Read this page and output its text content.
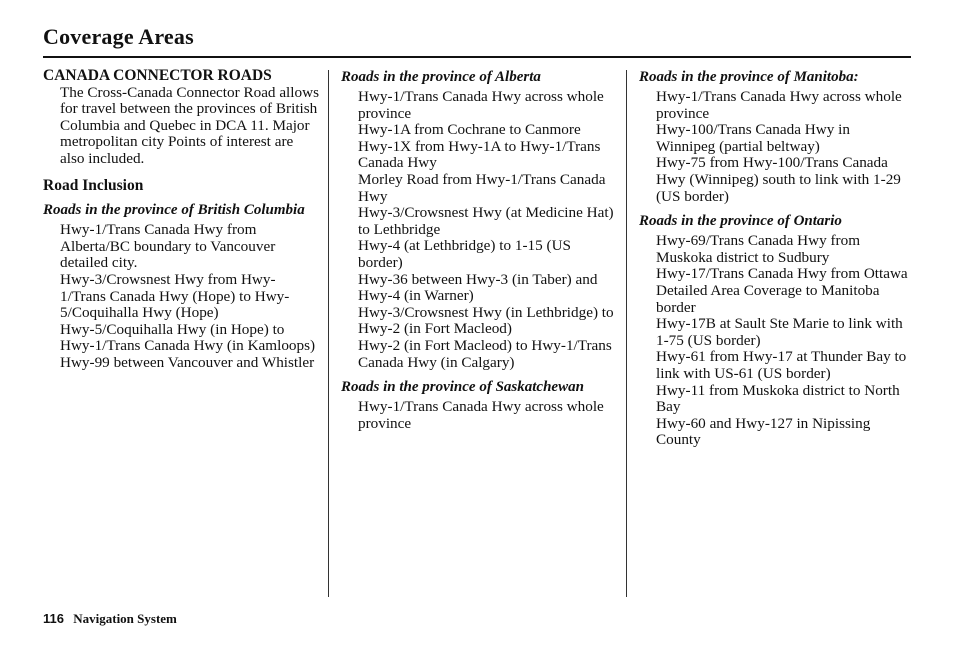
Coverage Areas

CANADA CONNECTOR ROADS

The Cross-Canada Connector Road allows for travel between the provinces of British Columbia and Quebec in DCA 11. Major metropolitan city Points of interest are also included.

Road Inclusion

Roads in the province of British Columbia

Hwy-1/Trans Canada Hwy from Alberta/BC boundary to Vancouver detailed city.

Hwy-3/Crowsnest Hwy from Hwy-1/Trans Canada Hwy (Hope) to Hwy-5/Coquihalla Hwy (Hope)

Hwy-5/Coquihalla Hwy (in Hope) to Hwy-1/Trans Canada Hwy (in Kamloops)

Hwy-99 between Vancouver and Whistler

Roads in the province of Alberta

Hwy-1/Trans Canada Hwy across whole province

Hwy-1A from Cochrane to Canmore

Hwy-1X from Hwy-1A to Hwy-1/Trans Canada Hwy

Morley Road from Hwy-1/Trans Canada Hwy

Hwy-3/Crowsnest Hwy (at Medicine Hat) to Lethbridge

Hwy-4 (at Lethbridge) to 1-15 (US border)

Hwy-36 between Hwy-3 (in Taber) and Hwy-4 (in Warner)

Hwy-3/Crowsnest Hwy (in Lethbridge) to Hwy-2 (in Fort Macleod)

Hwy-2 (in Fort Macleod) to Hwy-1/Trans Canada Hwy (in Calgary)

Roads in the province of Saskatchewan

Hwy-1/Trans Canada Hwy across whole province

Roads in the province of Manitoba:

Hwy-1/Trans Canada Hwy across whole province

Hwy-100/Trans Canada Hwy in Winnipeg (partial beltway)

Hwy-75 from Hwy-100/Trans Canada Hwy (Winnipeg) south to link with 1-29 (US border)

Roads in the province of Ontario

Hwy-69/Trans Canada Hwy from Muskoka district to Sudbury

Hwy-17/Trans Canada Hwy from Ottawa Detailed Area Coverage to Manitoba border

Hwy-17B at Sault Ste Marie to link with 1-75 (US border)

Hwy-61 from Hwy-17 at Thunder Bay to link with US-61 (US border)

Hwy-11 from Muskoka district to North Bay

Hwy-60 and Hwy-127 in Nipissing County

116 Navigation System
